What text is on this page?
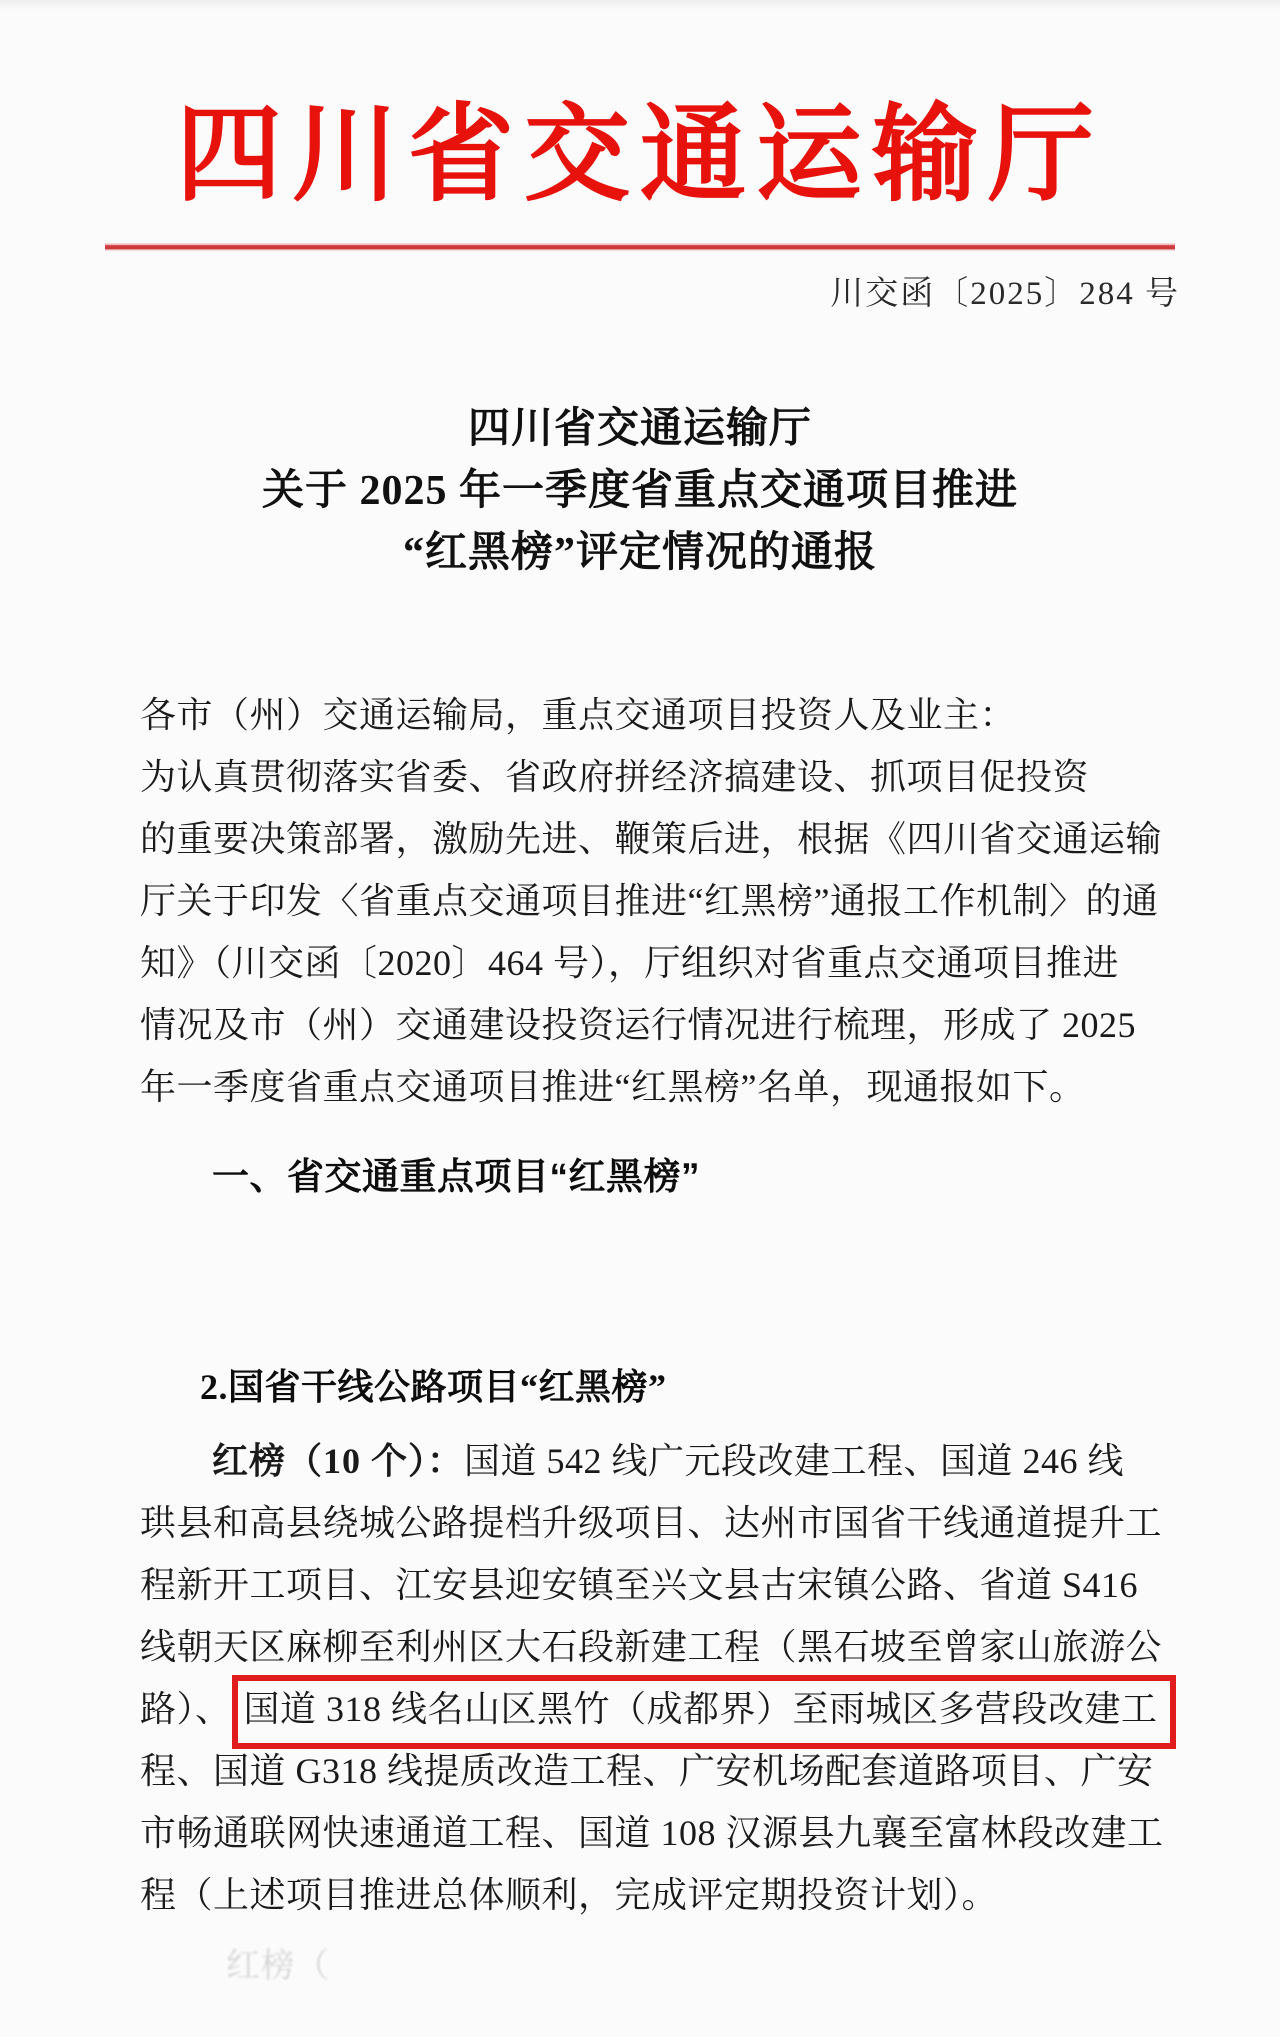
四川省交通运输厅
川交函〔2025〕284 号
四川省交通运输厅
关于 2025 年一季度省重点交通项目推进
“红黑榜”评定情况的通报
各市（州）交通运输局，重点交通项目投资人及业主：
为认真贯彻落实省委、省政府拼经济搞建设、抓项目促投资
的重要决策部署，激励先进、鞭策后进，根据《四川省交通运输
厅关于印发〈省重点交通项目推进“红黑榜”通报工作机制〉的通
知》（川交函〔2020〕464 号），厅组织对省重点交通项目推进
情况及市（州）交通建设投资运行情况进行梳理，形成了 2025
年一季度省重点交通项目推进“红黑榜”名单，现通报如下。
一、省交通重点项目“红黑榜”
2.国省干线公路项目“红黑榜”
红榜（10 个）：国道 542 线广元段改建工程、国道 246 线
珙县和高县绕城公路提档升级项目、达州市国省干线通道提升工
程新开工项目、江安县迎安镇至兴文县古宋镇公路、省道 S416
线朝天区麻柳至利州区大石段新建工程（黑石坡至曾家山旅游公
路）、 国道 318 线名山区黑竹（成都界）至雨城区多营段改建工
程、国道 G318 线提质改造工程、广安机场配套道路项目、广安
市畅通联网快速通道工程、国道 108 汉源县九襄至富林段改建工
程（上述项目推进总体顺利，完成评定期投资计划）。
红榜（
